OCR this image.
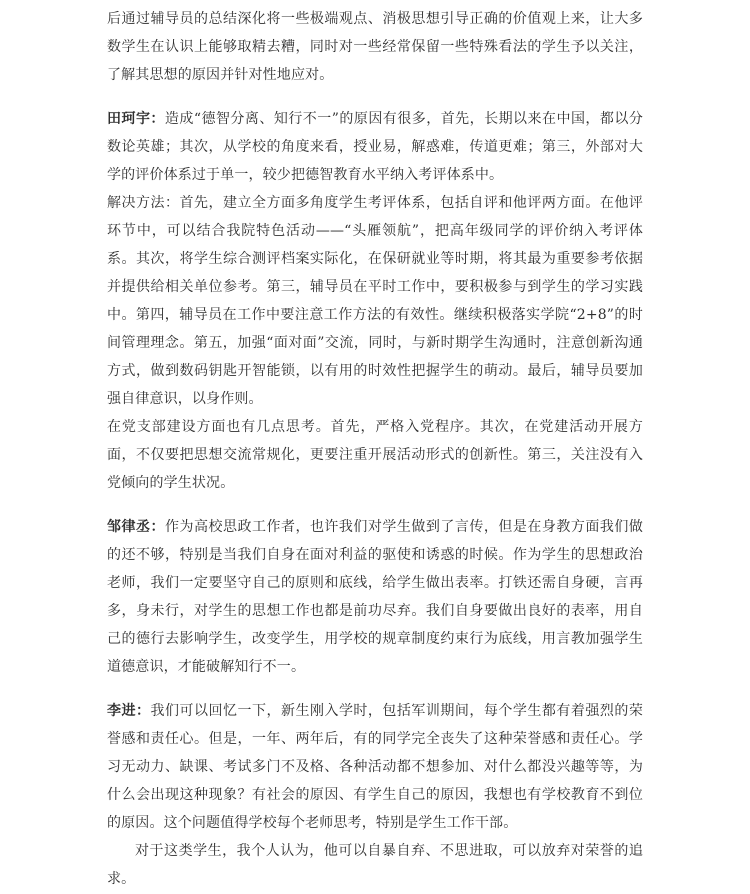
后通过辅导员的总结深化将一些极端观点、消极思想引导正确的价值观上来，让大多数学生在认识上能够取精去糟，同时对一些经常保留一些特殊看法的学生予以关注，了解其思想的原因并针对性地应对。

田珂宇：造成“德智分离、知行不一”的原因有很多，首先，长期以来在中国，都以分数论英雄；其次，从学校的角度来看，授业易，解惑难，传道更难；第三，外部对大学的评价体系过于单一，较少把德智教育水平纳入考评体系中。

解决方法：首先，建立全方面多角度学生考评体系，包括自评和他评两方面。在他评环节中，可以结合我院特色活动——“头雁领航”，把高年级同学的评价纳入考评体系。其次，将学生综合测评档案实际化，在保研就业等时期，将其最为重要参考依据并提供给相关单位参考。第三，辅导员在平时工作中，要积极参与到学生的学习实践中。第四，辅导员在工作中要注意工作方法的有效性。继续积极落实学院“2+8”的时间管理理念。第五，加强“面对面”交流，同时，与新时期学生沟通时，注意创新沟通方式，做到数码钥匙开智能锁，以有用的时效性把握学生的萌动。最后，辅导员要加强自律意识，以身作则。

在党支部建设方面也有几点思考。首先，严格入党程序。其次，在党建活动开展方面，不仅要把思想交流常规化，更要注重开展活动形式的创新性。第三，关注没有入党倾向的学生状况。

邹律丞：作为高校思政工作者，也许我们对学生做到了言传，但是在身教方面我们做的还不够，特别是当我们自身在面对利益的驱使和诱惑的时候。作为学生的思想政治老师，我们一定要坚守自己的原则和底线，给学生做出表率。打铁还需自身硬，言再多，身未行，对学生的思想工作也都是前功尽弃。我们自身要做出良好的表率，用自己的德行去影响学生，改变学生，用学校的规章制度约束行为底线，用言教加强学生道德意识，才能破解知行不一。

李进：我们可以回忆一下，新生刚入学时，包括军训期间，每个学生都有着强烈的荣誉感和责任心。但是，一年、两年后，有的同学完全丧失了这种荣誉感和责任心。学习无动力、缺课、考试多门不及格、各种活动都不想参加、对什么都没兴趣等等，为什么会出现这种现象？有社会的原因、有学生自己的原因，我想也有学校教育不到位的原因。这个问题值得学校每个老师思考，特别是学生工作干部。

对于这类学生，我个人认为，他可以自暴自弃、不思进取，可以放弃对荣誉的追求。
